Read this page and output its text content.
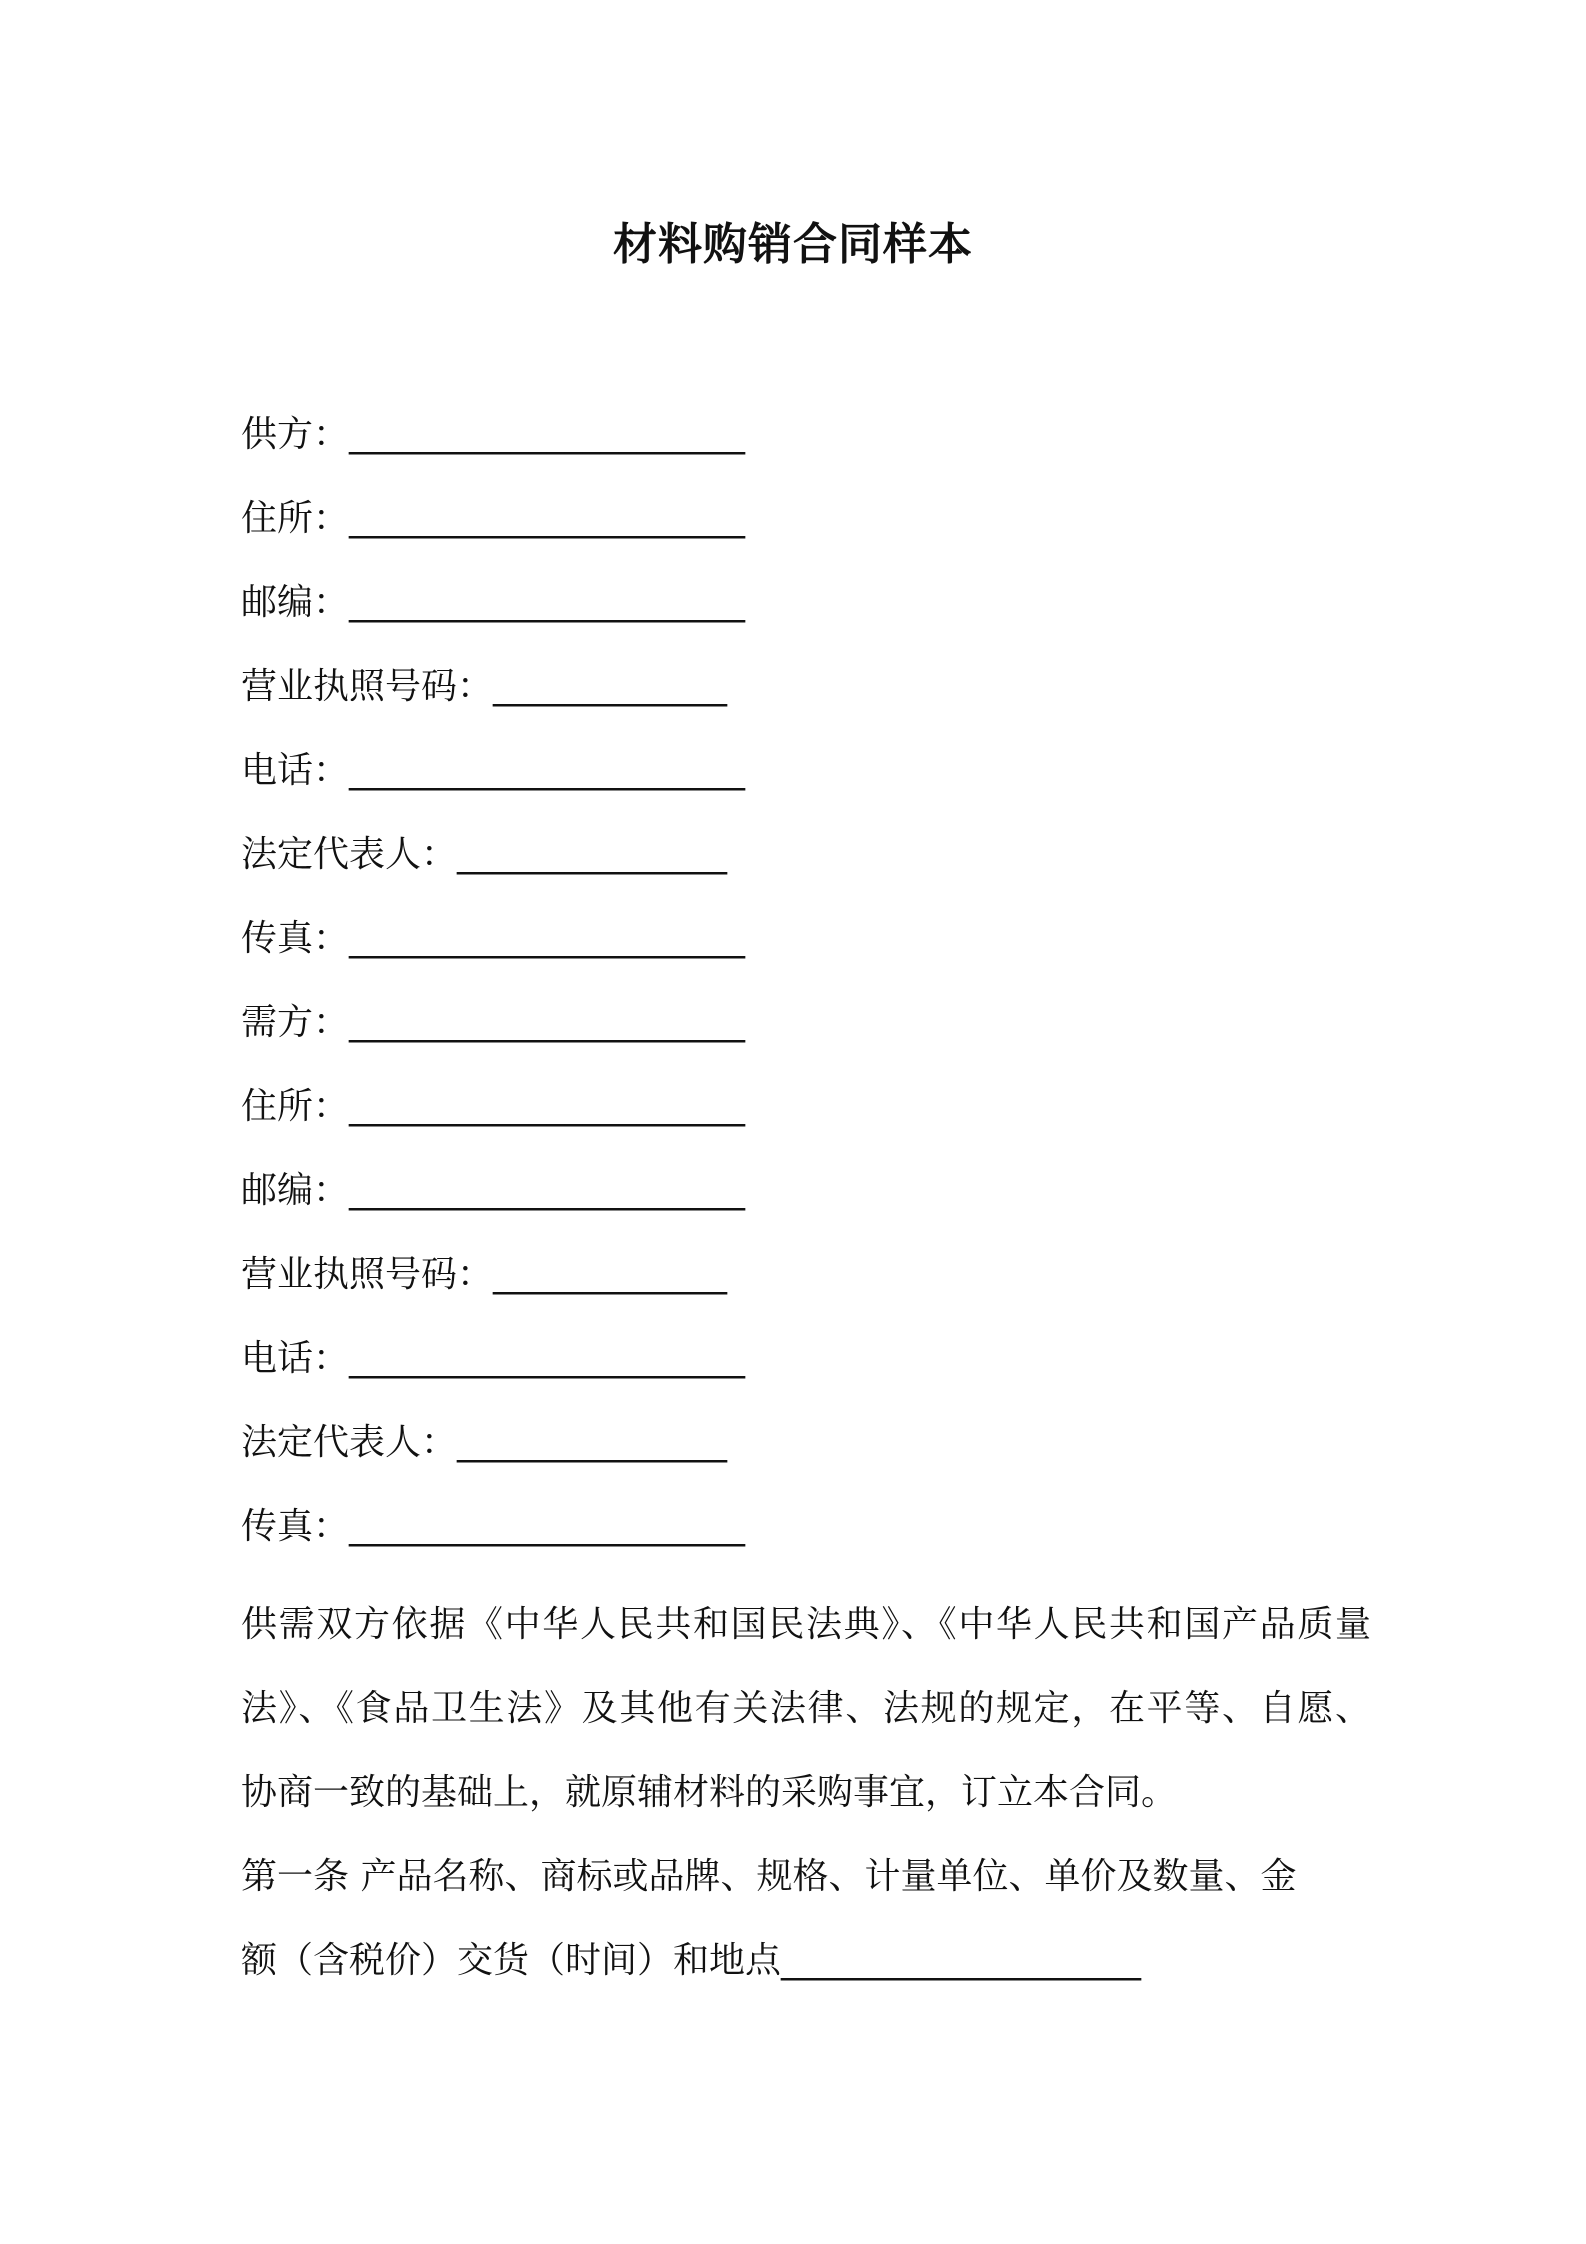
材料购销合同样本
供方：______________________
住所：______________________
邮编：______________________
营业执照号码：_____________
电话：______________________
法定代表人：_______________
传真：______________________
需方：______________________
住所：______________________
邮编：______________________
营业执照号码：_____________
电话：______________________
法定代表人：_______________
传真：______________________
供需双方依据《中华人民共和国民法典》、《中华人民共和国产品质量
法》、《食品卫生法》及其他有关法律、法规的规定，在平等、自愿、
协商一致的基础上，就原辅材料的采购事宜，订立本合同。
第一条 产品名称、商标或品牌、规格、计量单位、单价及数量、金
额（含税价）交货（时间）和地点____________________
